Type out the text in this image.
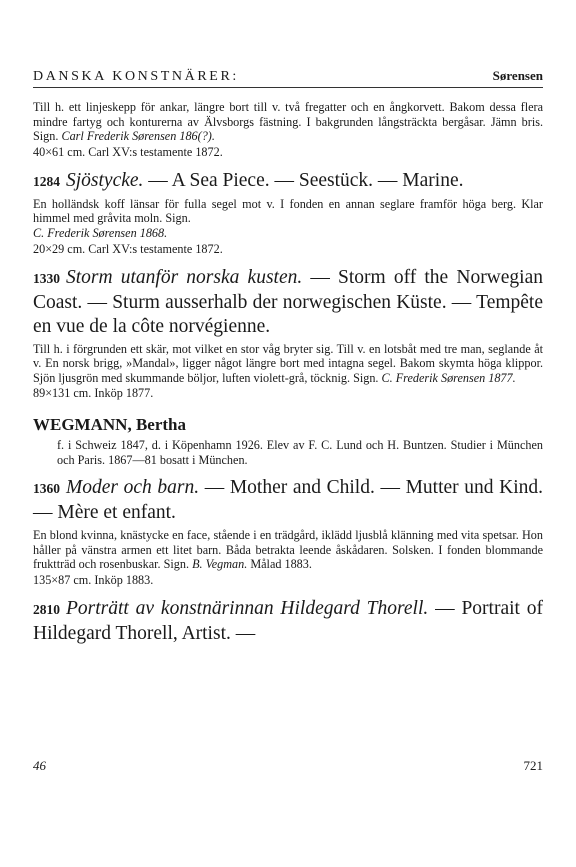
DANSKA KONSTNÄRER:	Sørensen

Till h. ett linjeskepp för ankar, längre bort till v. två fregatter och en ångkorvett. Bakom dessa flera mindre fartyg och konturerna av Älvsborgs fästning. I bakgrunden långsträckta bergåsar. Jämn bris. Sign. Carl Frederik Sørensen 186(?).

40×61 cm. Carl XV:s testamente 1872.

1284 Sjöstycke. — A Sea Piece. — Seestück. — Marine.

En holländsk koff länsar för fulla segel mot v. I fonden en annan seglare framför höga berg. Klar himmel med gråvita moln. Sign.
C. Frederik Sørensen 1868.

20×29 cm. Carl XV:s testamente 1872.

1330 Storm utanför norska kusten. — Storm off the Norwegian Coast. — Sturm ausserhalb der norwegischen Küste. — Tempête en vue de la côte norvégienne.

Till h. i förgrunden ett skär, mot vilket en stor våg bryter sig. Till v. en lotsbåt med tre man, seglande åt v. En norsk brigg, »Mandal», ligger något längre bort med intagna segel. Bakom skymta höga klippor. Sjön ljusgrön med skummande böljor, luften violett-grå, töcknig. Sign. C. Frederik Sørensen 1877.

89×131 cm. Inköp 1877.

WEGMANN, Bertha

f. i Schweiz 1847, d. i Köpenhamn 1926. Elev av F. C. Lund och H. Buntzen. Studier i München och Paris. 1867—81 bosatt i München.

1360 Moder och barn. — Mother and Child. — Mutter und Kind. — Mère et enfant.

En blond kvinna, knästycke en face, stående i en trädgård, iklädd ljusblå klänning med vita spetsar. Hon håller på vänstra armen ett litet barn. Båda betrakta leende åskådaren. Solsken. I fonden blommande fruktträd och rosenbuskar. Sign. B. Vegman. Målad 1883.

135×87 cm. Inköp 1883.

2810 Porträtt av konstnärinnan Hildegard Thorell. — Portrait of Hildegard Thorell, Artist. —

46	721
